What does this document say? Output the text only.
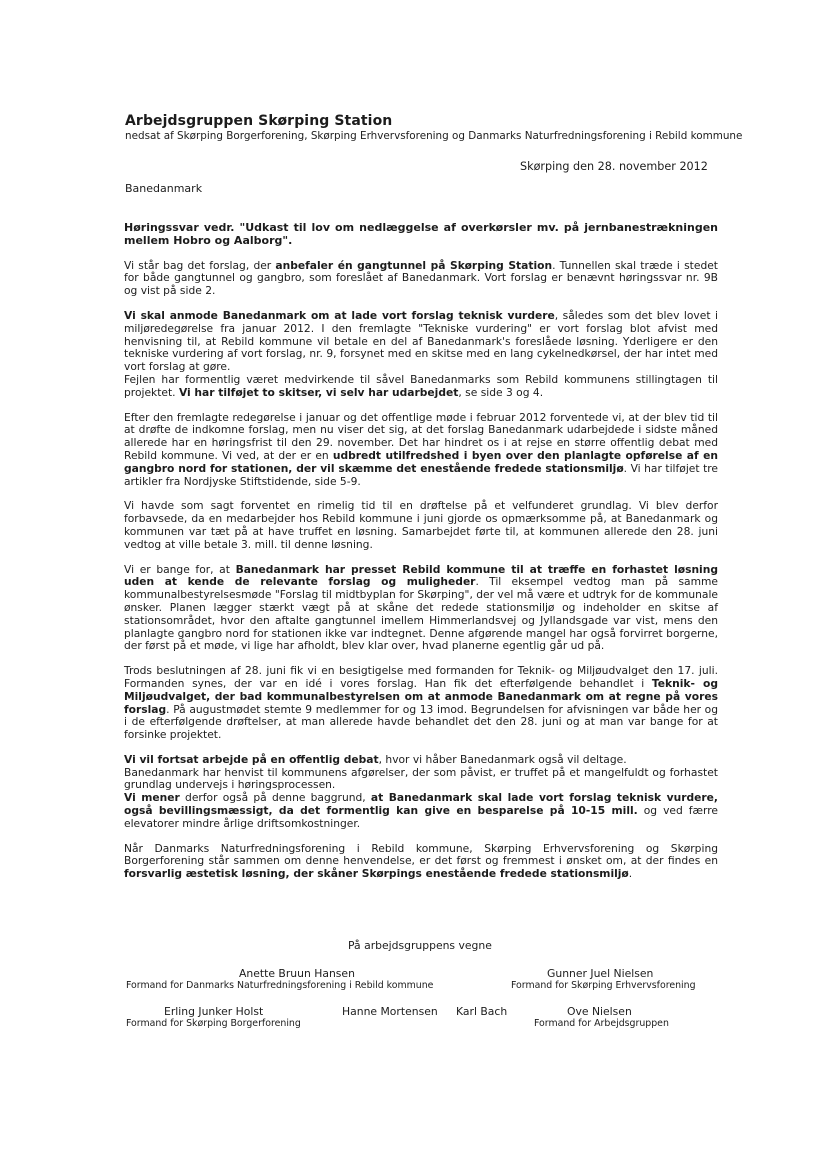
Arbejdsgruppen Skørping Station
nedsat af Skørping Borgerforening, Skørping Erhvervsforening og Danmarks Naturfredningsforening i Rebild kommune
Skørping den 28. november 2012
Banedanmark

Høringssvar vedr. "Udkast til lov om nedlæggelse af overkørsler mv. på jernbanestrækningen mellem Hobro og Aalborg".

Vi står bag det forslag, der anbefaler én gangtunnel på Skørping Station. Tunnellen skal træde i stedet for både gangtunnel og gangbro, som foreslået af Banedanmark. Vort forslag er benævnt høringssvar nr. 9B og vist på side 2.

Vi skal anmode Banedanmark om at lade vort forslag teknisk vurdere, således som det blev lovet i miljøredegørelse fra januar 2012. I den fremlagte "Tekniske vurdering" er vort forslag blot afvist med henvisning til, at Rebild kommune vil betale en del af Banedanmark's foreslåede løsning. Yderligere er den tekniske vurdering af vort forslag, nr. 9, forsynet med en skitse med en lang cykelnedkørsel, der har intet med vort forslag at gøre.

Fejlen har formentlig været medvirkende til såvel Banedanmarks som Rebild kommunens stillingtagen til projektet. Vi har tilføjet to skitser, vi selv har udarbejdet, se side 3 og 4.

Efter den fremlagte redegørelse i januar og det offentlige møde i februar 2012 forventede vi, at der blev tid til at drøfte de indkomne forslag, men nu viser det sig, at det forslag Banedanmark udarbejdede i sidste måned allerede har en høringsfrist til den 29. november. Det har hindret os i at rejse en større offentlig debat med Rebild kommune. Vi ved, at der er en udbredt utilfredshed i byen over den planlagte opførelse af en gangbro nord for stationen, der vil skæmme det enestående fredede stationsmiljø. Vi har tilføjet tre artikler fra Nordjyske Stiftstidende, side 5-9.

Vi havde som sagt forventet en rimelig tid til en drøftelse på et velfunderet grundlag. Vi blev derfor forbavsede, da en medarbejder hos Rebild kommune i juni gjorde os opmærksomme på, at Banedanmark og kommunen var tæt på at have truffet en løsning. Samarbejdet førte til, at kommunen allerede den 28. juni vedtog at ville betale 3. mill. til denne løsning.

Vi er bange for, at Banedanmark har presset Rebild kommune til at træffe en forhastet løsning uden at kende de relevante forslag og muligheder. Til eksempel vedtog man på samme kommunalbestyrelsesmøde "Forslag til midtbyplan for Skørping", der vel må være et udtryk for de kommunale ønsker. Planen lægger stærkt vægt på at skåne det redede stationsmiljø og indeholder en skitse af stationsområdet, hvor den aftalte gangtunnel imellem Himmerlandsvej og Jyllandsgade var vist, mens den planlagte gangbro nord for stationen ikke var indtegnet. Denne afgørende mangel har også forvirret borgerne, der først på et møde, vi lige har afholdt, blev klar over, hvad planerne egentlig går ud på.

Trods beslutningen af 28. juni fik vi en besigtigelse med formanden for Teknik- og Miljøudvalget den 17. juli. Formanden synes, der var en idé i vores forslag. Han fik det efterfølgende behandlet i Teknik- og Miljøudvalget, der bad kommunalbestyrelsen om at anmode Banedanmark om at regne på vores forslag. På augustmødet stemte 9 medlemmer for og 13 imod. Begrundelsen for afvisningen var både her og i de efterfølgende drøftelser, at man allerede havde behandlet det den 28. juni og at man var bange for at forsinke projektet.

Vi vil fortsat arbejde på en offentlig debat, hvor vi håber Banedanmark også vil deltage.

Banedanmark har henvist til kommunens afgørelser, der som påvist, er truffet på et mangelfuldt og forhastet grundlag undervejs i høringsprocessen.

Vi mener derfor også på denne baggrund, at Banedanmark skal lade vort forslag teknisk vurdere, også bevillingsmæssigt, da det formentlig kan give en besparelse på 10-15 mill. og ved færre elevatorer mindre årlige driftsomkostninger.

Når Danmarks Naturfredningsforening i Rebild kommune, Skørping Erhvervsforening og Skørping Borgerforening står sammen om denne henvendelse, er det først og fremmest i ønsket om, at der findes en forsvarlig æstetisk løsning, der skåner Skørpings enestående fredede stationsmiljø.

På arbejdsgruppens vegne
Anette Bruun Hansen
Formand for Danmarks Naturfredningsforening i Rebild kommune
Gunner Juel Nielsen
Formand for Skørping Erhvervsforening
Erling Junker Holst
Formand for Skørping Borgerforening
Hanne Mortensen Karl Bach	Ove Nielsen
Formand for Arbejdsgruppen
